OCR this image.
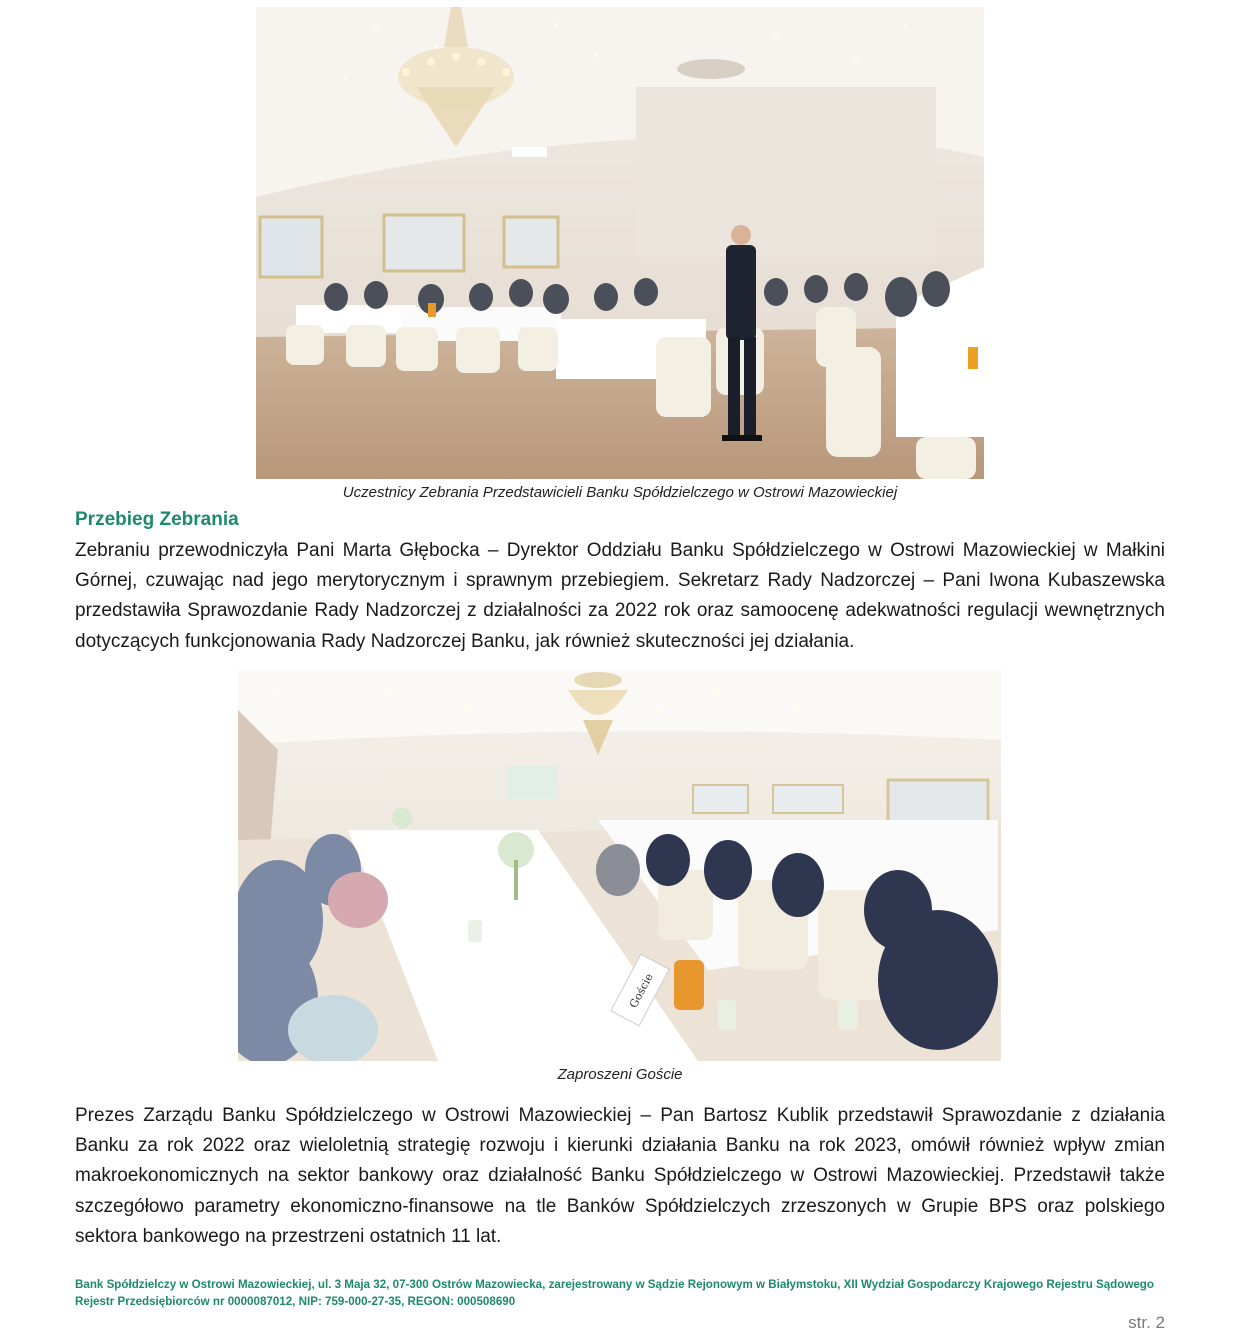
Uczestnicy Zebrania Przedstawicieli Banku Spółdzielczego w Ostrowi Mazowieckiej
Przebieg Zebrania

Zebraniu przewodniczyła Pani Marta Głębocka – Dyrektor Oddziału Banku Spółdzielczego w Ostrowi Mazowieckiej w Małkini Górnej, czuwając nad jego merytorycznym i sprawnym przebiegiem. Sekretarz Rady Nadzorczej – Pani Iwona Kubaszewska przedstawiła Sprawozdanie Rady Nadzorczej z działalności za 2022 rok oraz samoocenę adekwatności regulacji wewnętrznych dotyczących funkcjonowania Rady Nadzorczej Banku, jak również skuteczności jej działania.

Goście
Zaproszeni Goście

Prezes Zarządu Banku Spółdzielczego w Ostrowi Mazowieckiej – Pan Bartosz Kublik przedstawił Sprawozdanie z działania Banku za rok 2022 oraz wieloletnią strategię rozwoju i kierunki działania Banku na rok 2023, omówił również wpływ zmian makroekonomicznych na sektor bankowy oraz działalność Banku Spółdzielczego w Ostrowi Mazowieckiej. Przedstawił także szczegółowo parametry ekonomiczno-finansowe na tle Banków Spółdzielczych zrzeszonych w Grupie BPS oraz polskiego sektora bankowego na przestrzeni ostatnich 11 lat.

Bank Spółdzielczy w Ostrowi Mazowieckiej, ul. 3 Maja 32, 07-300 Ostrów Mazowiecka, zarejestrowany w Sądzie Rejonowym w Białymstoku, XII Wydział Gospodarczy Krajowego Rejestru Sądowego Rejestr Przedsiębiorców nr 0000087012, NIP: 759-000-27-35, REGON: 000508690

str. 2
